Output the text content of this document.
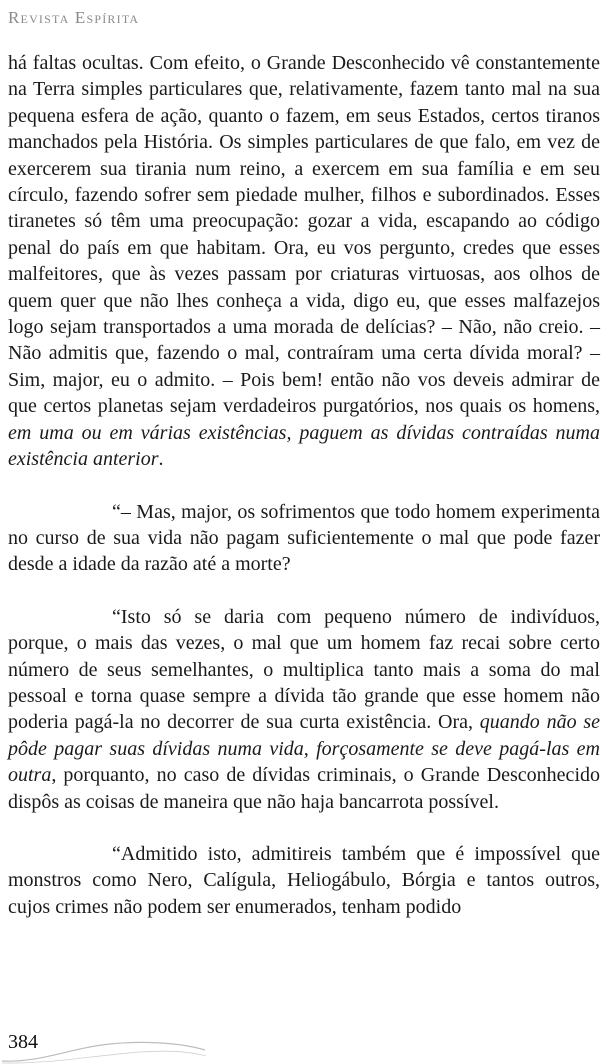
Revista Espírita

há faltas ocultas. Com efeito, o Grande Desconhecido vê constantemente na Terra simples particulares que, relativamente, fazem tanto mal na sua pequena esfera de ação, quanto o fazem, em seus Estados, certos tiranos manchados pela História. Os simples particulares de que falo, em vez de exercerem sua tirania num reino, a exercem em sua família e em seu círculo, fazendo sofrer sem piedade mulher, filhos e subordinados. Esses tiranetes só têm uma preocupação: gozar a vida, escapando ao código penal do país em que habitam. Ora, eu vos pergunto, credes que esses malfeitores, que às vezes passam por criaturas virtuosas, aos olhos de quem quer que não lhes conheça a vida, digo eu, que esses malfazejos logo sejam transportados a uma morada de delícias? – Não, não creio. – Não admitis que, fazendo o mal, contraíram uma certa dívida moral? – Sim, major, eu o admito. – Pois bem! então não vos deveis admirar de que certos planetas sejam verdadeiros purgatórios, nos quais os homens, em uma ou em várias existências, paguem as dívidas contraídas numa existência anterior.

“– Mas, major, os sofrimentos que todo homem experimenta no curso de sua vida não pagam suficientemente o mal que pode fazer desde a idade da razão até a morte?

“Isto só se daria com pequeno número de indivíduos, porque, o mais das vezes, o mal que um homem faz recai sobre certo número de seus semelhantes, o multiplica tanto mais a soma do mal pessoal e torna quase sempre a dívida tão grande que esse homem não poderia pagá-la no decorrer de sua curta existência. Ora, quando não se pôde pagar suas dívidas numa vida, forçosamente se deve pagá-las em outra, porquanto, no caso de dívidas criminais, o Grande Desconhecido dispôs as coisas de maneira que não haja bancarrota possível.

“Admitido isto, admitireis também que é impossível que monstros como Nero, Calígula, Heliogábulo, Bórgia e tantos outros, cujos crimes não podem ser enumerados, tenham podido

384
